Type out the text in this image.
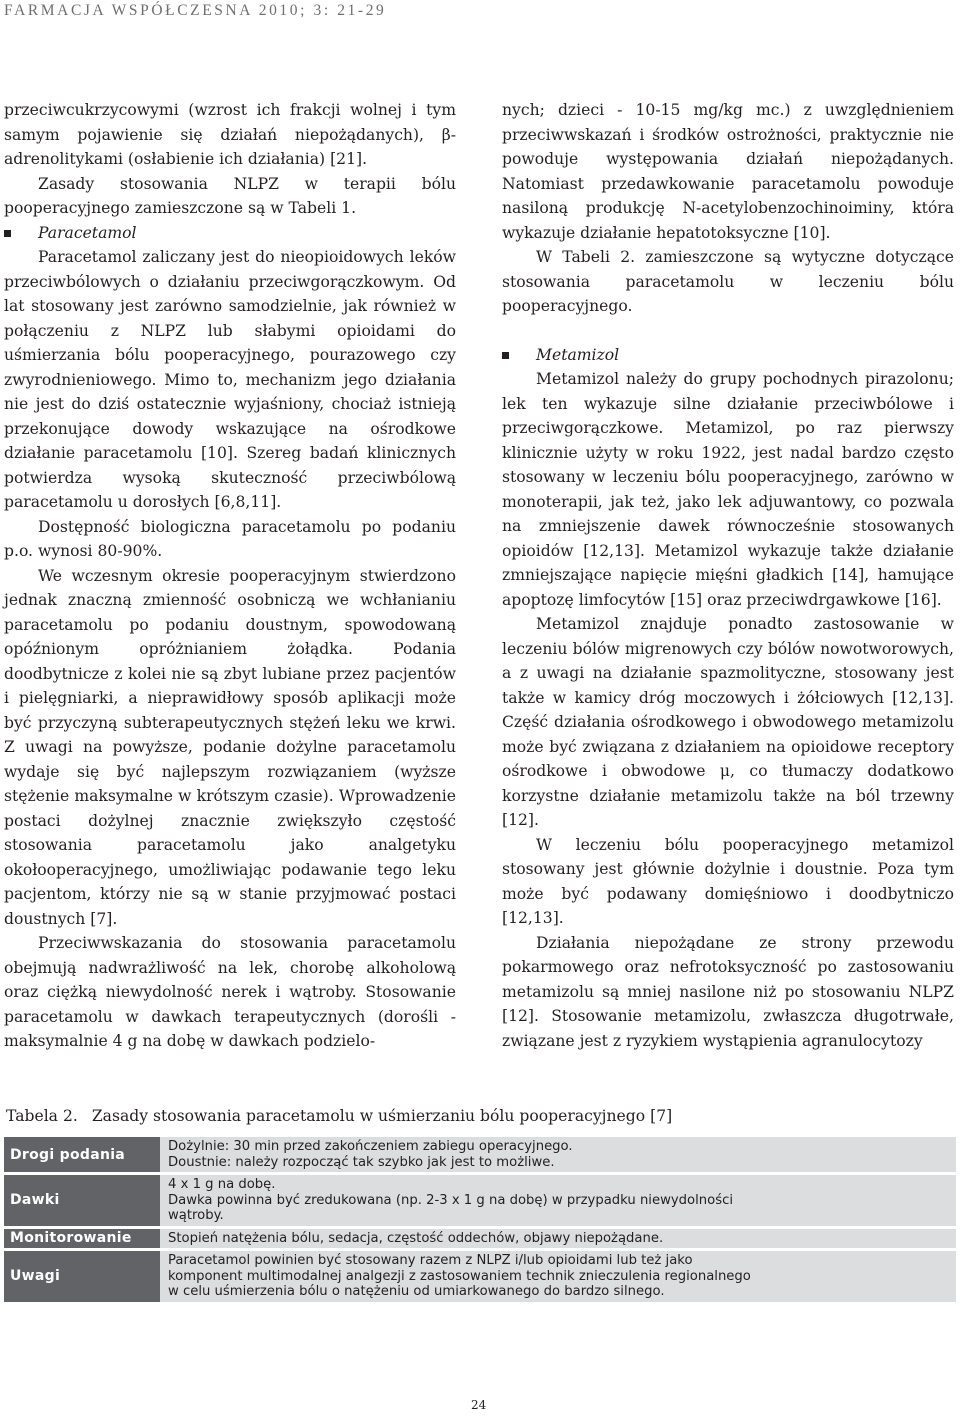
FARMACJA WSPÓŁCZESNA 2010; 3: 21-29

przeciwcukrzycowymi (wzrost ich frakcji wolnej i tym samym pojawienie się działań niepożądanych), β-adrenolitykami (osłabienie ich działania) [21].

Zasady stosowania NLPZ w terapii bólu pooperacyjnego zamieszczone są w Tabeli 1.

Paracetamol

Paracetamol zaliczany jest do nieopioidowych leków przeciwbólowych o działaniu przeciwgorączkowym. Od lat stosowany jest zarówno samodzielnie, jak również w połączeniu z NLPZ lub słabymi opioidami do uśmierzania bólu pooperacyjnego, pourazowego czy zwyrodnieniowego. Mimo to, mechanizm jego działania nie jest do dziś ostatecznie wyjaśniony, chociaż istnieją przekonujące dowody wskazujące na ośrodkowe działanie paracetamolu [10]. Szereg badań klinicznych potwierdza wysoką skuteczność przeciwbólową paracetamolu u dorosłych [6,8,11].

Dostępność biologiczna paracetamolu po podaniu p.o. wynosi 80-90%.

We wczesnym okresie pooperacyjnym stwierdzono jednak znaczną zmienność osobniczą we wchłanianiu paracetamolu po podaniu doustnym, spowodowaną opóźnionym opróżnianiem żołądka. Podania doodbytnicze z kolei nie są zbyt lubiane przez pacjentów i pielęgniarki, a nieprawidłowy sposób aplikacji może być przyczyną subterapeutycznych stężeń leku we krwi. Z uwagi na powyższe, podanie dożylne paracetamolu wydaje się być najlepszym rozwiązaniem (wyższe stężenie maksymalne w krótszym czasie). Wprowadzenie postaci dożylnej znacznie zwiększyło częstość stosowania paracetamolu jako analgetyku okołooperacyjnego, umożliwiając podawanie tego leku pacjentom, którzy nie są w stanie przyjmować postaci doustnych [7].

Przeciwwskazania do stosowania paracetamolu obejmują nadwrażliwość na lek, chorobę alkoholową oraz ciężką niewydolność nerek i wątroby. Stosowanie paracetamolu w dawkach terapeutycznych (dorośli - maksymalnie 4 g na dobę w dawkach podzielo-

nych; dzieci - 10-15 mg/kg mc.) z uwzględnieniem przeciwwskazań i środków ostrożności, praktycznie nie powoduje występowania działań niepożądanych. Natomiast przedawkowanie paracetamolu powoduje nasiloną produkcję N-acetylobenzochinoiminy, która wykazuje działanie hepatotoksyczne [10].

W Tabeli 2. zamieszczone są wytyczne dotyczące stosowania paracetamolu w leczeniu bólu pooperacyjnego.

Metamizol

Metamizol należy do grupy pochodnych pirazolonu; lek ten wykazuje silne działanie przeciwbólowe i przeciwgorączkowe. Metamizol, po raz pierwszy klinicznie użyty w roku 1922, jest nadal bardzo często stosowany w leczeniu bólu pooperacyjnego, zarówno w monoterapii, jak też, jako lek adjuwantowy, co pozwala na zmniejszenie dawek równocześnie stosowanych opioidów [12,13]. Metamizol wykazuje także działanie zmniejszające napięcie mięśni gładkich [14], hamujące apoptozę limfocytów [15] oraz przeciwdrgawkowe [16].

Metamizol znajduje ponadto zastosowanie w leczeniu bólów migrenowych czy bólów nowotworowych, a z uwagi na działanie spazmolityczne, stosowany jest także w kamicy dróg moczowych i żółciowych [12,13]. Część działania ośrodkowego i obwodowego metamizolu może być związana z działaniem na opioidowe receptory ośrodkowe i obwodowe μ, co tłumaczy dodatkowo korzystne działanie metamizolu także na ból trzewny [12].

W leczeniu bólu pooperacyjnego metamizol stosowany jest głównie dożylnie i doustnie. Poza tym może być podawany domięśniowo i doodbytniczo [12,13].

Działania niepożądane ze strony przewodu pokarmowego oraz nefrotoksyczność po zastosowaniu metamizolu są mniej nasilone niż po stosowaniu NLPZ [12]. Stosowanie metamizolu, zwłaszcza długotrwałe, związane jest z ryzykiem wystąpienia agranulocytozy

Tabela 2. Zasady stosowania paracetamolu w uśmierzaniu bólu pooperacyjnego [7]
Drogi podania	Dożylnie: 30 min przed zakończeniem zabiegu operacyjnego.
Doustnie: należy rozpocząć tak szybko jak jest to możliwe.

Dawki	4 x 1 g na dobę.
Dawka powinna być zredukowana (np. 2-3 x 1 g na dobę) w przypadku niewydolności
wątroby.

Monitorowanie	Stopień natężenia bólu, sedacja, częstość oddechów, objawy niepożądane.

Uwagi	Paracetamol powinien być stosowany razem z NLPZ i/lub opioidami lub też jako
komponent multimodalnej analgezji z zastosowaniem technik znieczulenia regionalnego
w celu uśmierzenia bólu o natężeniu od umiarkowanego do bardzo silnego.
24
